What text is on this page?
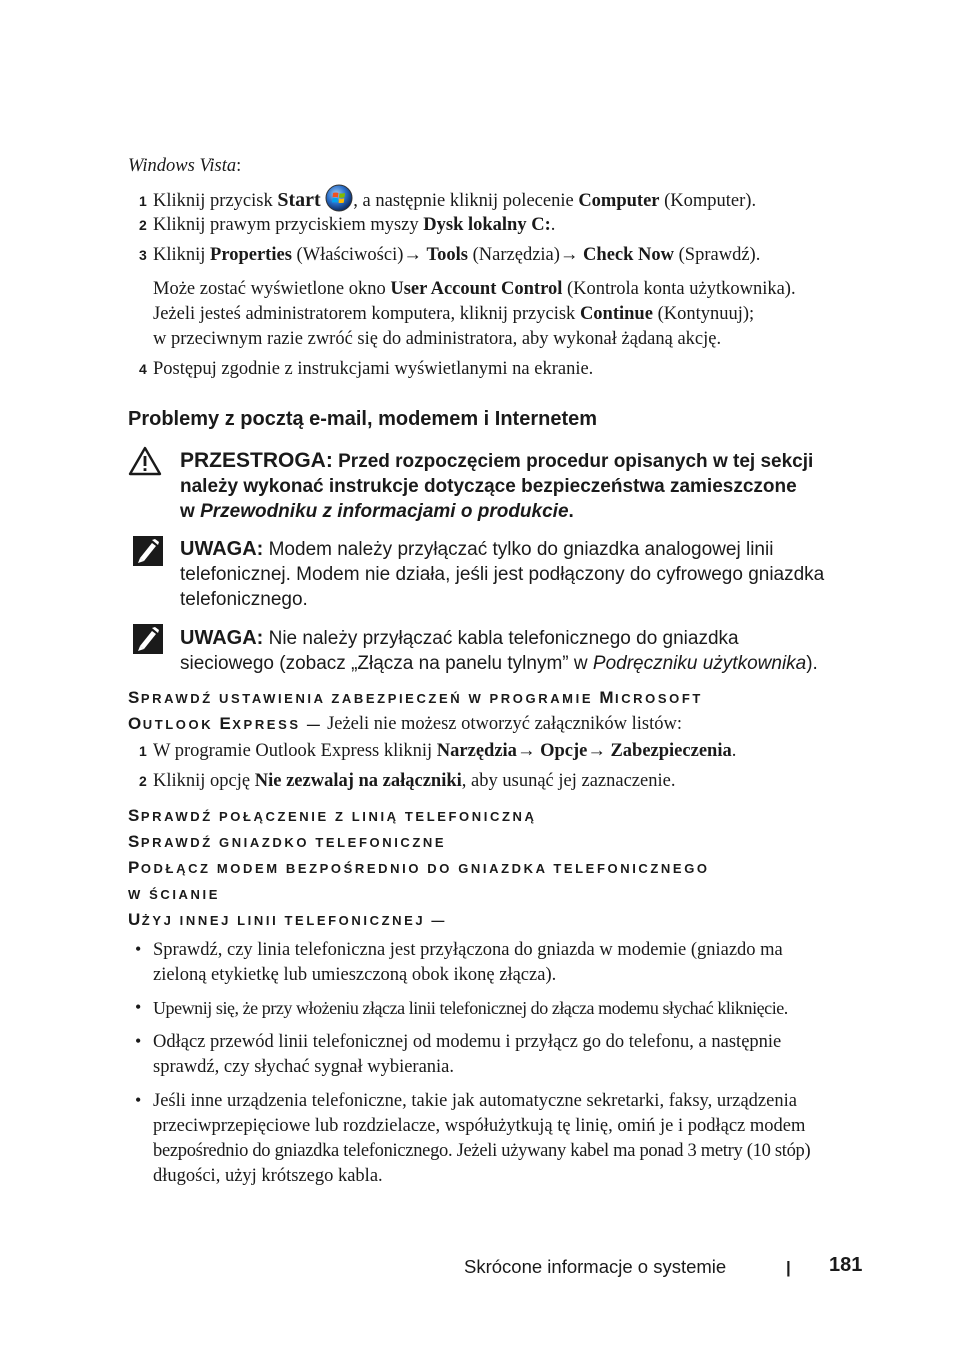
Windows Vista:
1 Kliknij przycisk Start , a następnie kliknij polecenie Computer (Komputer).
2 Kliknij prawym przyciskiem myszy Dysk lokalny C:.
3 Kliknij Properties (Właściwości)→ Tools (Narzędzia)→ Check Now (Sprawdź).
Może zostać wyświetlone okno User Account Control (Kontrola konta użytkownika).
Jeżeli jesteś administratorem komputera, kliknij przycisk Continue (Kontynuuj);
w przeciwnym razie zwróć się do administratora, aby wykonał żądaną akcję.
4 Postępuj zgodnie z instrukcjami wyświetlanymi na ekranie.
Problemy z pocztą e-mail, modemem i Internetem
PRZESTROGA: Przed rozpoczęciem procedur opisanych w tej sekcji
należy wykonać instrukcje dotyczące bezpieczeństwa zamieszczone
w Przewodniku z informacjami o produkcie.
UWAGA: Modem należy przyłączać tylko do gniazdka analogowej linii
telefonicznej. Modem nie działa, jeśli jest podłączony do cyfrowego gniazdka
telefonicznego.
UWAGA: Nie należy przyłączać kabla telefonicznego do gniazdka
sieciowego (zobacz „Złącza na panelu tylnym” w Podręczniku użytkownika).
SPRAWDŹ USTAWIENIA ZABEZPIECZEŃ W PROGRAMIE MICROSOFT
OUTLOOK EXPRESS — Jeżeli nie możesz otworzyć załączników listów:
1 W programie Outlook Express kliknij Narzędzia→ Opcje→ Zabezpieczenia.
2 Kliknij opcję Nie zezwalaj na załączniki, aby usunąć jej zaznaczenie.
SPRAWDŹ POŁĄCZENIE Z LINIĄ TELEFONICZNĄ
SPRAWDŹ GNIAZDKO TELEFONICZNE
PODŁĄCZ MODEM BEZPOŚREDNIO DO GNIAZDKA TELEFONICZNEGO
W ŚCIANIE
UŻYJ INNEJ LINII TELEFONICZNEJ —
• Sprawdź, czy linia telefoniczna jest przyłączona do gniazda w modemie (gniazdo ma
zieloną etykietkę lub umieszczoną obok ikonę złącza).
• Upewnij się, że przy włożeniu złącza linii telefonicznej do złącza modemu słychać kliknięcie.
• Odłącz przewód linii telefonicznej od modemu i przyłącz go do telefonu, a następnie
sprawdź, czy słychać sygnał wybierania.
• Jeśli inne urządzenia telefoniczne, takie jak automatyczne sekretarki, faksy, urządzenia
przeciwprzepięciowe lub rozdzielacze, współużytkują tę linię, omiń je i podłącz modem
bezpośrednio do gniazdka telefonicznego. Jeżeli używany kabel ma ponad 3 metry (10 stóp)
długości, użyj krótszego kabla.
Skrócone informacje o systemie	| 181
